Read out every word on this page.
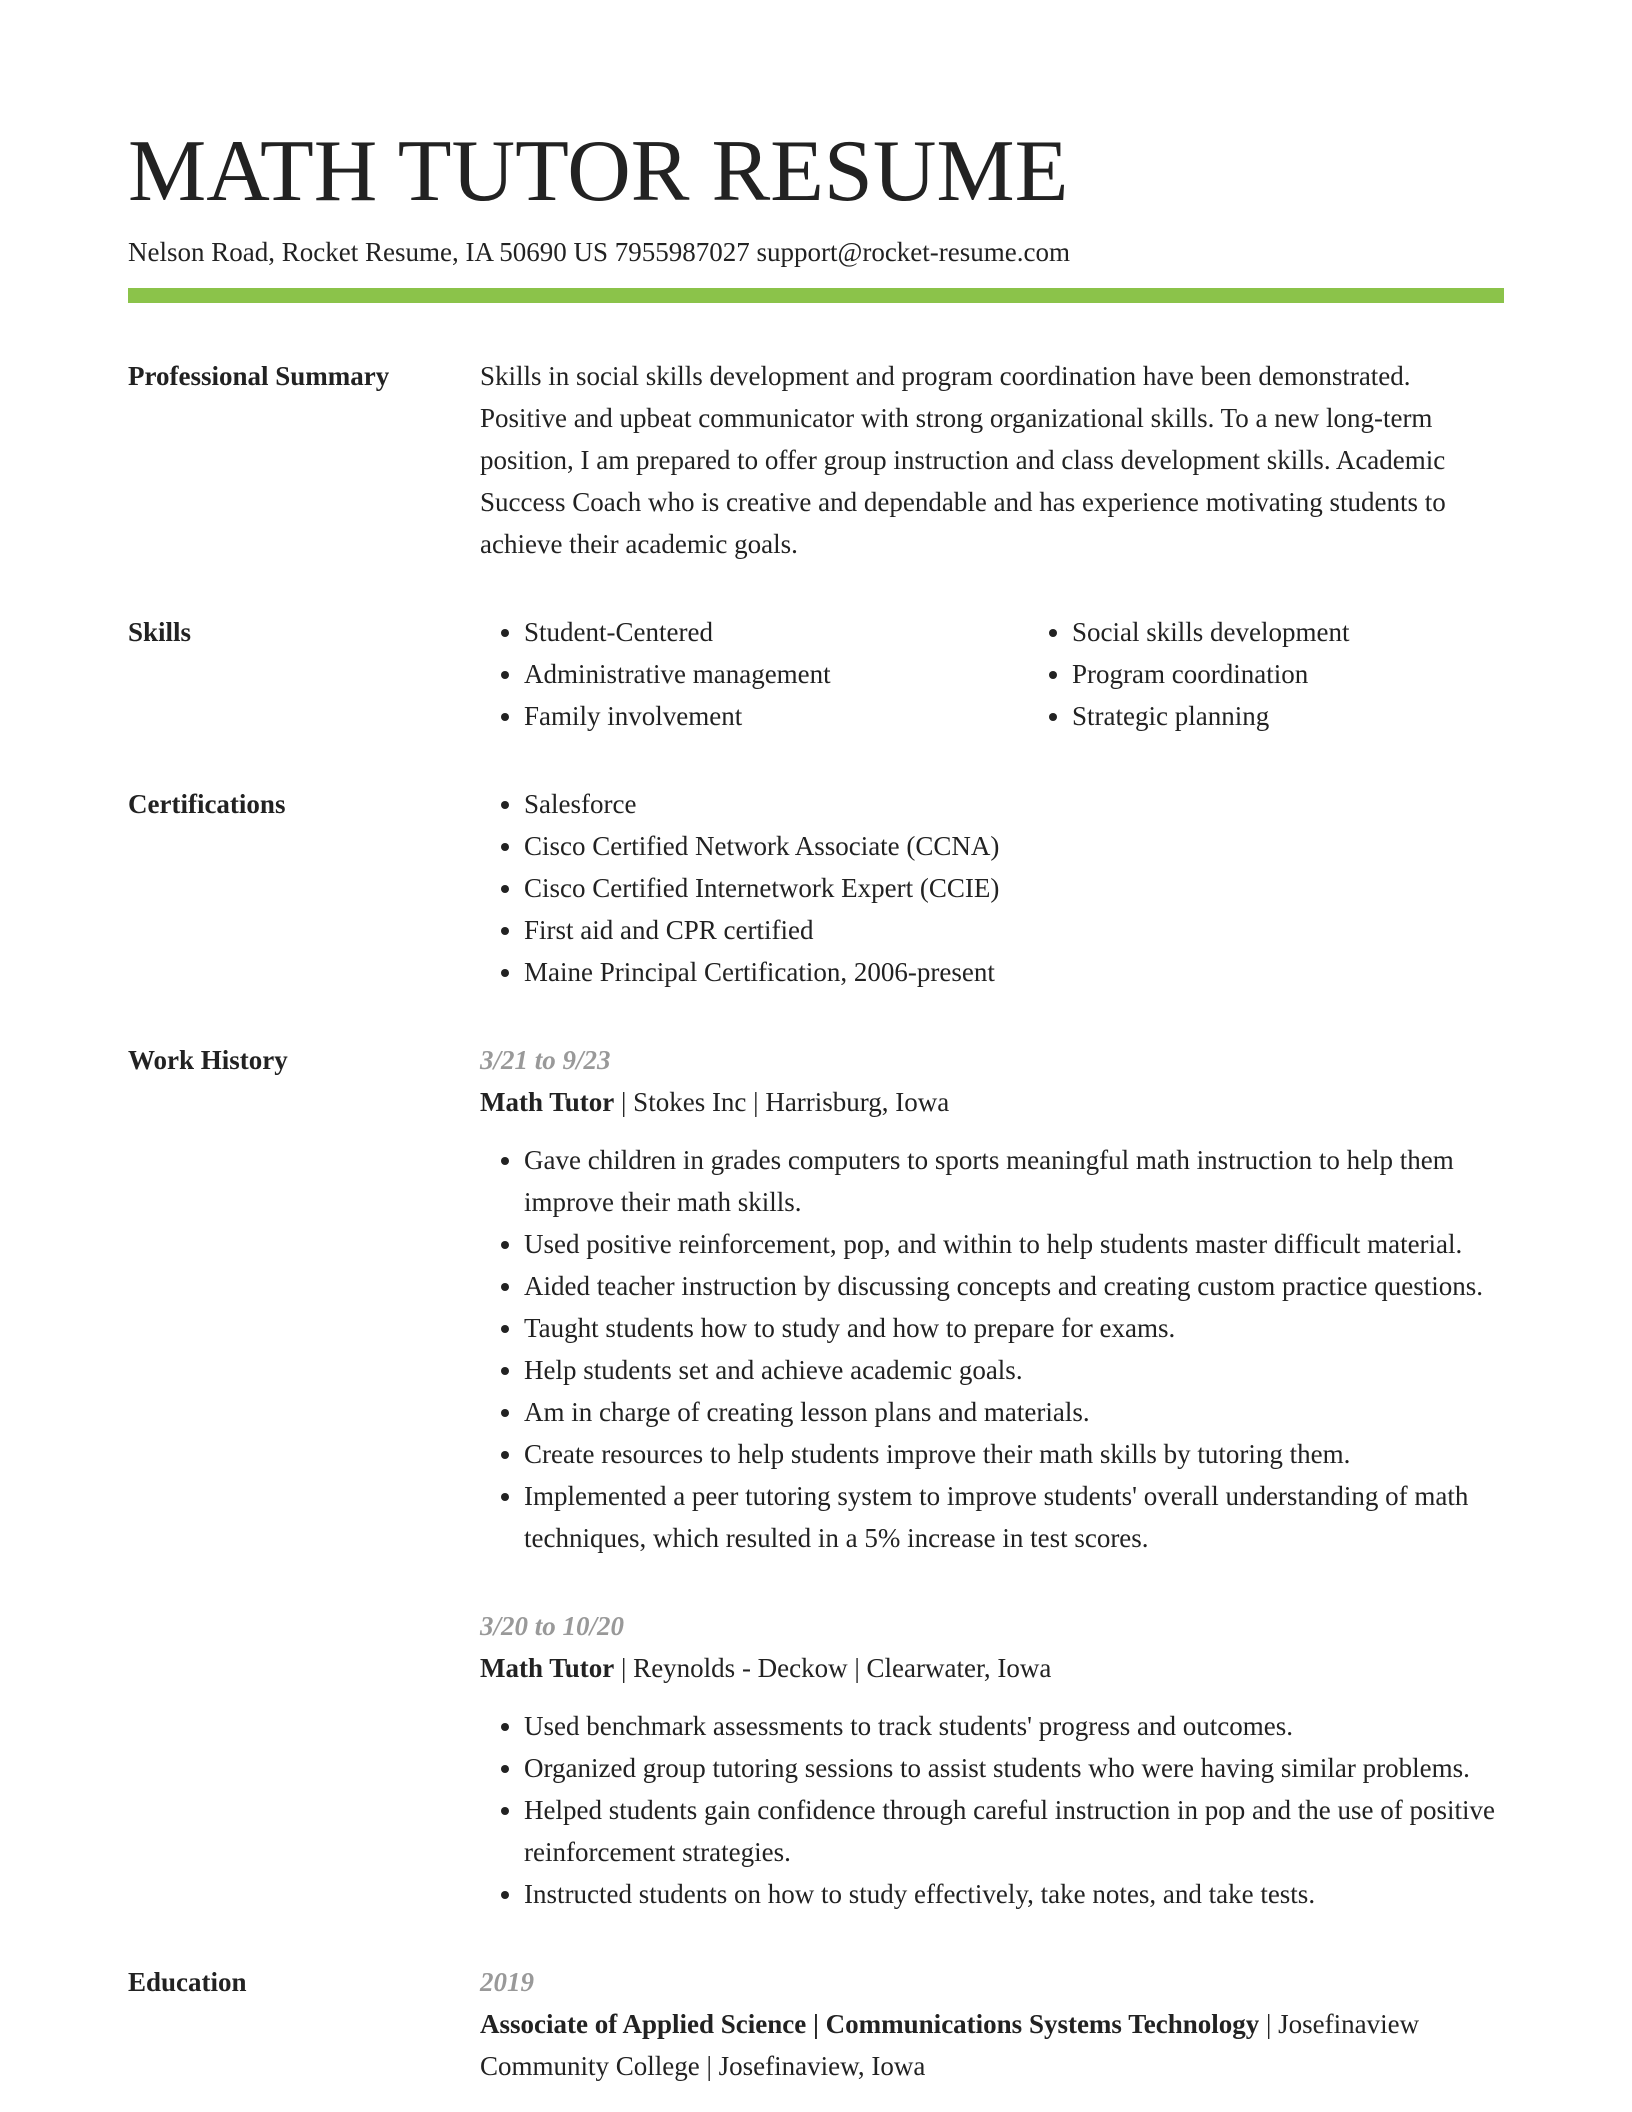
MATH TUTOR RESUME
Nelson Road, Rocket Resume, IA 50690 US 7955987027 support@rocket-resume.com
Professional Summary	Skills in social skills development and program coordination have been demonstrated. Positive and upbeat communicator with strong organizational skills. To a new long-term position, I am prepared to offer group instruction and class development skills. Academic Success Coach who is creative and dependable and has experience motivating students to achieve their academic goals.

Skills	• Student-Centered
• Administrative management
• Family involvement
• Social skills development
• Program coordination
• Strategic planning
Certifications	• Salesforce
• Cisco Certified Network Associate (CCNA)
• Cisco Certified Internetwork Expert (CCIE)
• First aid and CPR certified
• Maine Principal Certification, 2006-present
Work History	3/21 to 9/23
Math Tutor | Stokes Inc | Harrisburg, Iowa
• Gave children in grades computers to sports meaningful math instruction to help them improve their math skills.
• Used positive reinforcement, pop, and within to help students master difficult material.
• Aided teacher instruction by discussing concepts and creating custom practice questions.
• Taught students how to study and how to prepare for exams.
• Help students set and achieve academic goals.
• Am in charge of creating lesson plans and materials.
• Create resources to help students improve their math skills by tutoring them.
• Implemented a peer tutoring system to improve students' overall understanding of math techniques, which resulted in a 5% increase in test scores.
3/20 to 10/20
Math Tutor | Reynolds - Deckow | Clearwater, Iowa
• Used benchmark assessments to track students' progress and outcomes.
• Organized group tutoring sessions to assist students who were having similar problems.
• Helped students gain confidence through careful instruction in pop and the use of positive reinforcement strategies.
• Instructed students on how to study effectively, take notes, and take tests.
Education	2019
Associate of Applied Science | Communications Systems Technology | Josefinaview Community College | Josefinaview, Iowa
